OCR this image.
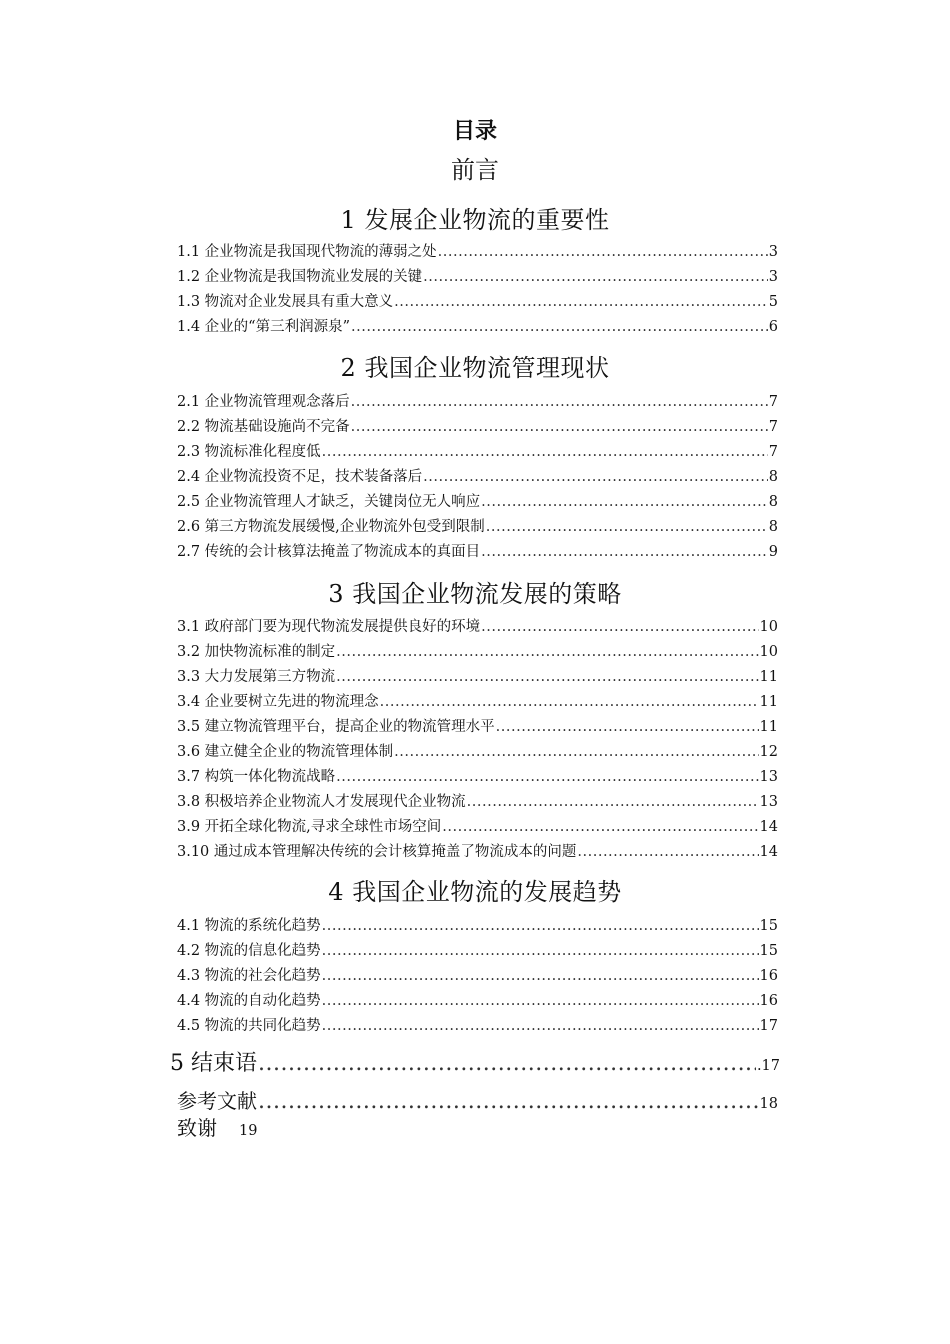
目录
前言
1 发展企业物流的重要性
1.1 企业物流是我国现代物流的薄弱之处 .....	3
1.2 企业物流是我国物流业发展的关键 .....	3
1.3 物流对企业发展具有重大意义 .....	5
1.4 企业的“第三利润源泉” .....	6
2 我国企业物流管理现状
2.1 企业物流管理观念落后 .....	7
2.2 物流基础设施尚不完备 .....	7
2.3 物流标准化程度低 .....	7
2.4 企业物流投资不足，技术装备落后 .....	8
2.5 企业物流管理人才缺乏，关键岗位无人响应 .....	8
2.6 第三方物流发展缓慢,企业物流外包受到限制 .....	8
2.7 传统的会计核算法掩盖了物流成本的真面目 .....	9
3 我国企业物流发展的策略
3.1 政府部门要为现代物流发展提供良好的环境 .....	10
3.2 加快物流标准的制定 .....	10
3.3 大力发展第三方物流 .....	11
3.4 企业要树立先进的物流理念 .....	11
3.5 建立物流管理平台，提高企业的物流管理水平 .....	11
3.6 建立健全企业的物流管理体制 .....	12
3.7 构筑一体化物流战略 .....	13
3.8 积极培养企业物流人才发展现代企业物流 .....	13
3.9 开拓全球化物流,寻求全球性市场空间 .....	14
3.10 通过成本管理解决传统的会计核算掩盖了物流成本的问题 .....	14
4 我国企业物流的发展趋势
4.1 物流的系统化趋势 .....	15
4.2 物流的信息化趋势 .....	15
4.3 物流的社会化趋势 .....	16
4.4 物流的自动化趋势 .....	16
4.5 物流的共同化趋势 .....	17
5 结束语 .....	.17
参考文献 .....	18
致谢 19
